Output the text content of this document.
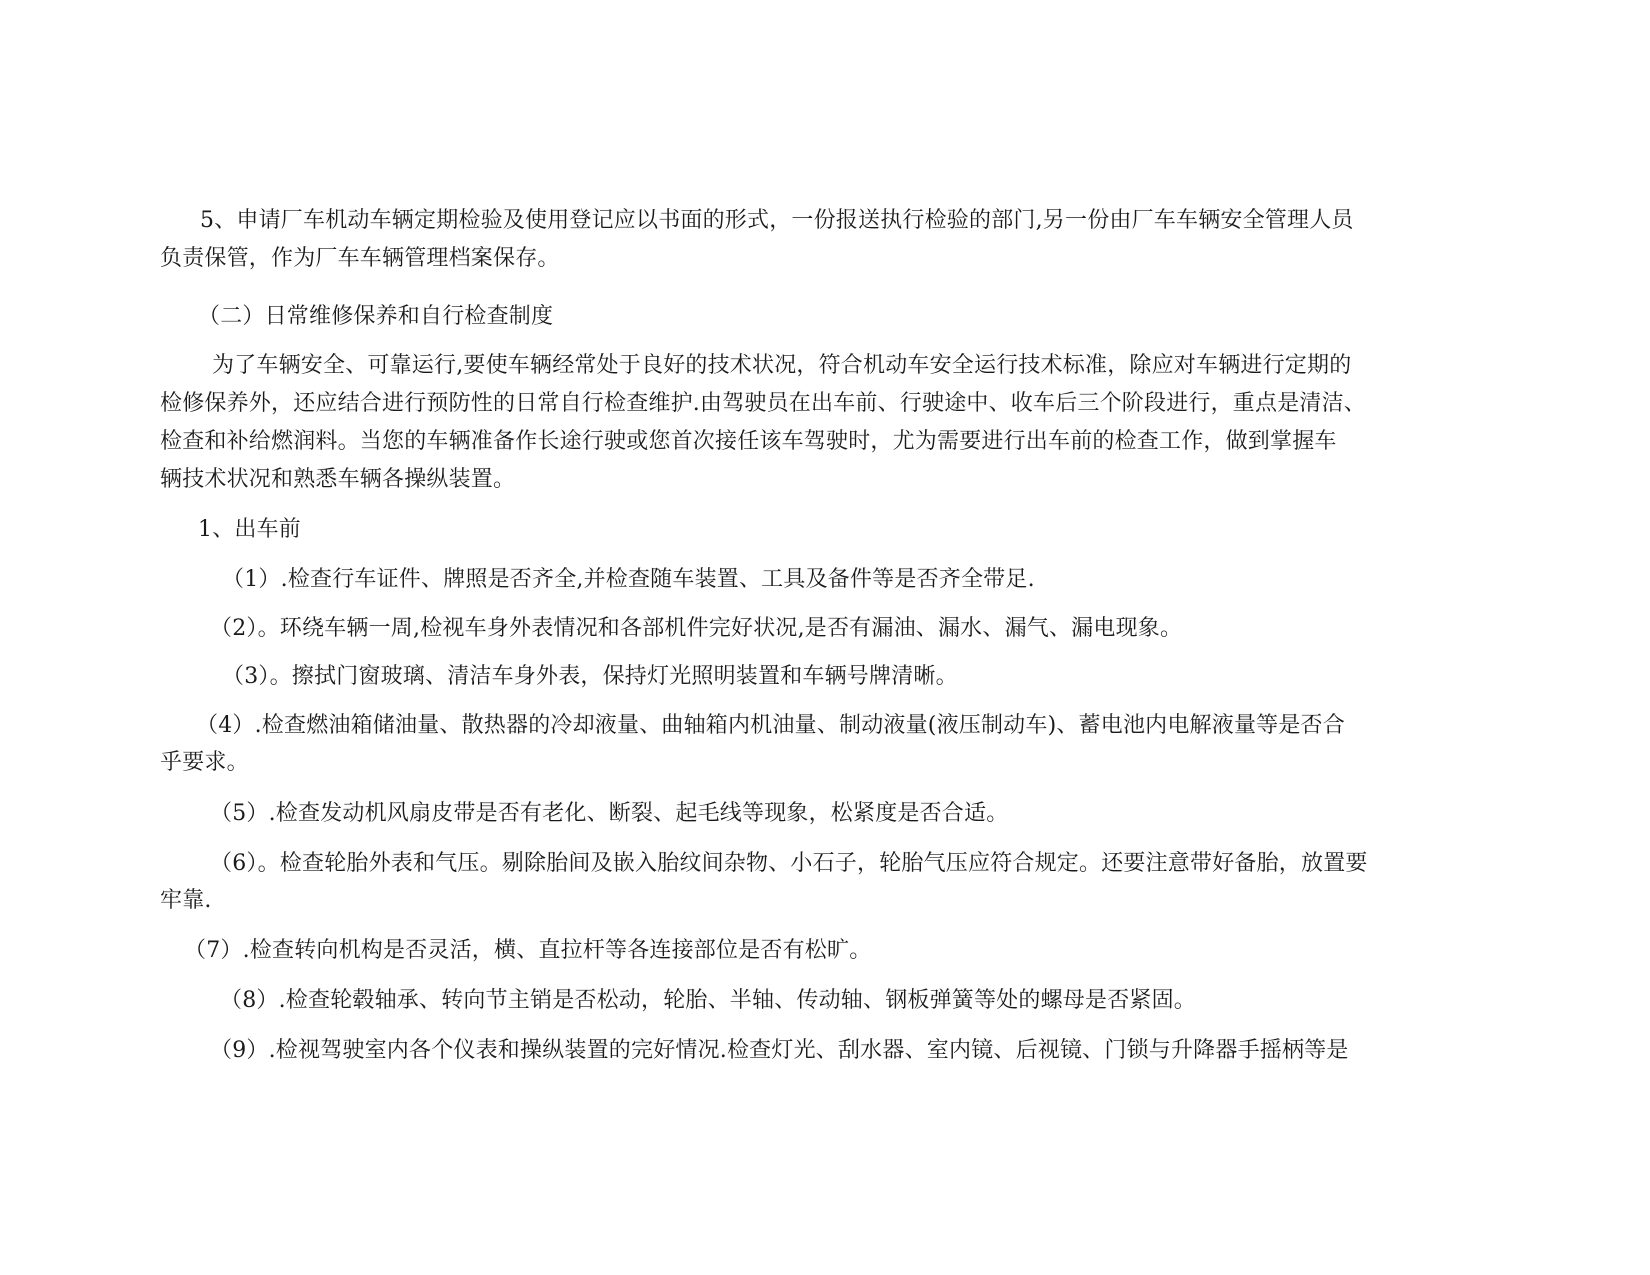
5、申请厂车机动车辆定期检验及使用登记应以书面的形式，一份报送执行检验的部门,另一份由厂车车辆安全管理人员
负责保管，作为厂车车辆管理档案保存。
（二）日常维修保养和自行检查制度
为了车辆安全、可靠运行,要使车辆经常处于良好的技术状况，符合机动车安全运行技术标准，除应对车辆进行定期的
检修保养外，还应结合进行预防性的日常自行检查维护.由驾驶员在出车前、行驶途中、收车后三个阶段进行，重点是清洁、
检查和补给燃润料。当您的车辆准备作长途行驶或您首次接任该车驾驶时，尤为需要进行出车前的检查工作，做到掌握车
辆技术状况和熟悉车辆各操纵装置。
1、出车前
（1）.检查行车证件、牌照是否齐全,并检查随车装置、工具及备件等是否齐全带足.
（2）。环绕车辆一周,检视车身外表情况和各部机件完好状况,是否有漏油、漏水、漏气、漏电现象。
（3）。擦拭门窗玻璃、清洁车身外表，保持灯光照明装置和车辆号牌清晰。
（4）.检查燃油箱储油量、散热器的冷却液量、曲轴箱内机油量、制动液量(液压制动车)、蓄电池内电解液量等是否合
乎要求。
（5）.检查发动机风扇皮带是否有老化、断裂、起毛线等现象，松紧度是否合适。
（6）。检查轮胎外表和气压。剔除胎间及嵌入胎纹间杂物、小石子，轮胎气压应符合规定。还要注意带好备胎，放置要
牢靠.
（7）.检查转向机构是否灵活，横、直拉杆等各连接部位是否有松旷。
（8）.检查轮毂轴承、转向节主销是否松动，轮胎、半轴、传动轴、钢板弹簧等处的螺母是否紧固。
（9）.检视驾驶室内各个仪表和操纵装置的完好情况.检查灯光、刮水器、室内镜、后视镜、门锁与升降器手摇柄等是
